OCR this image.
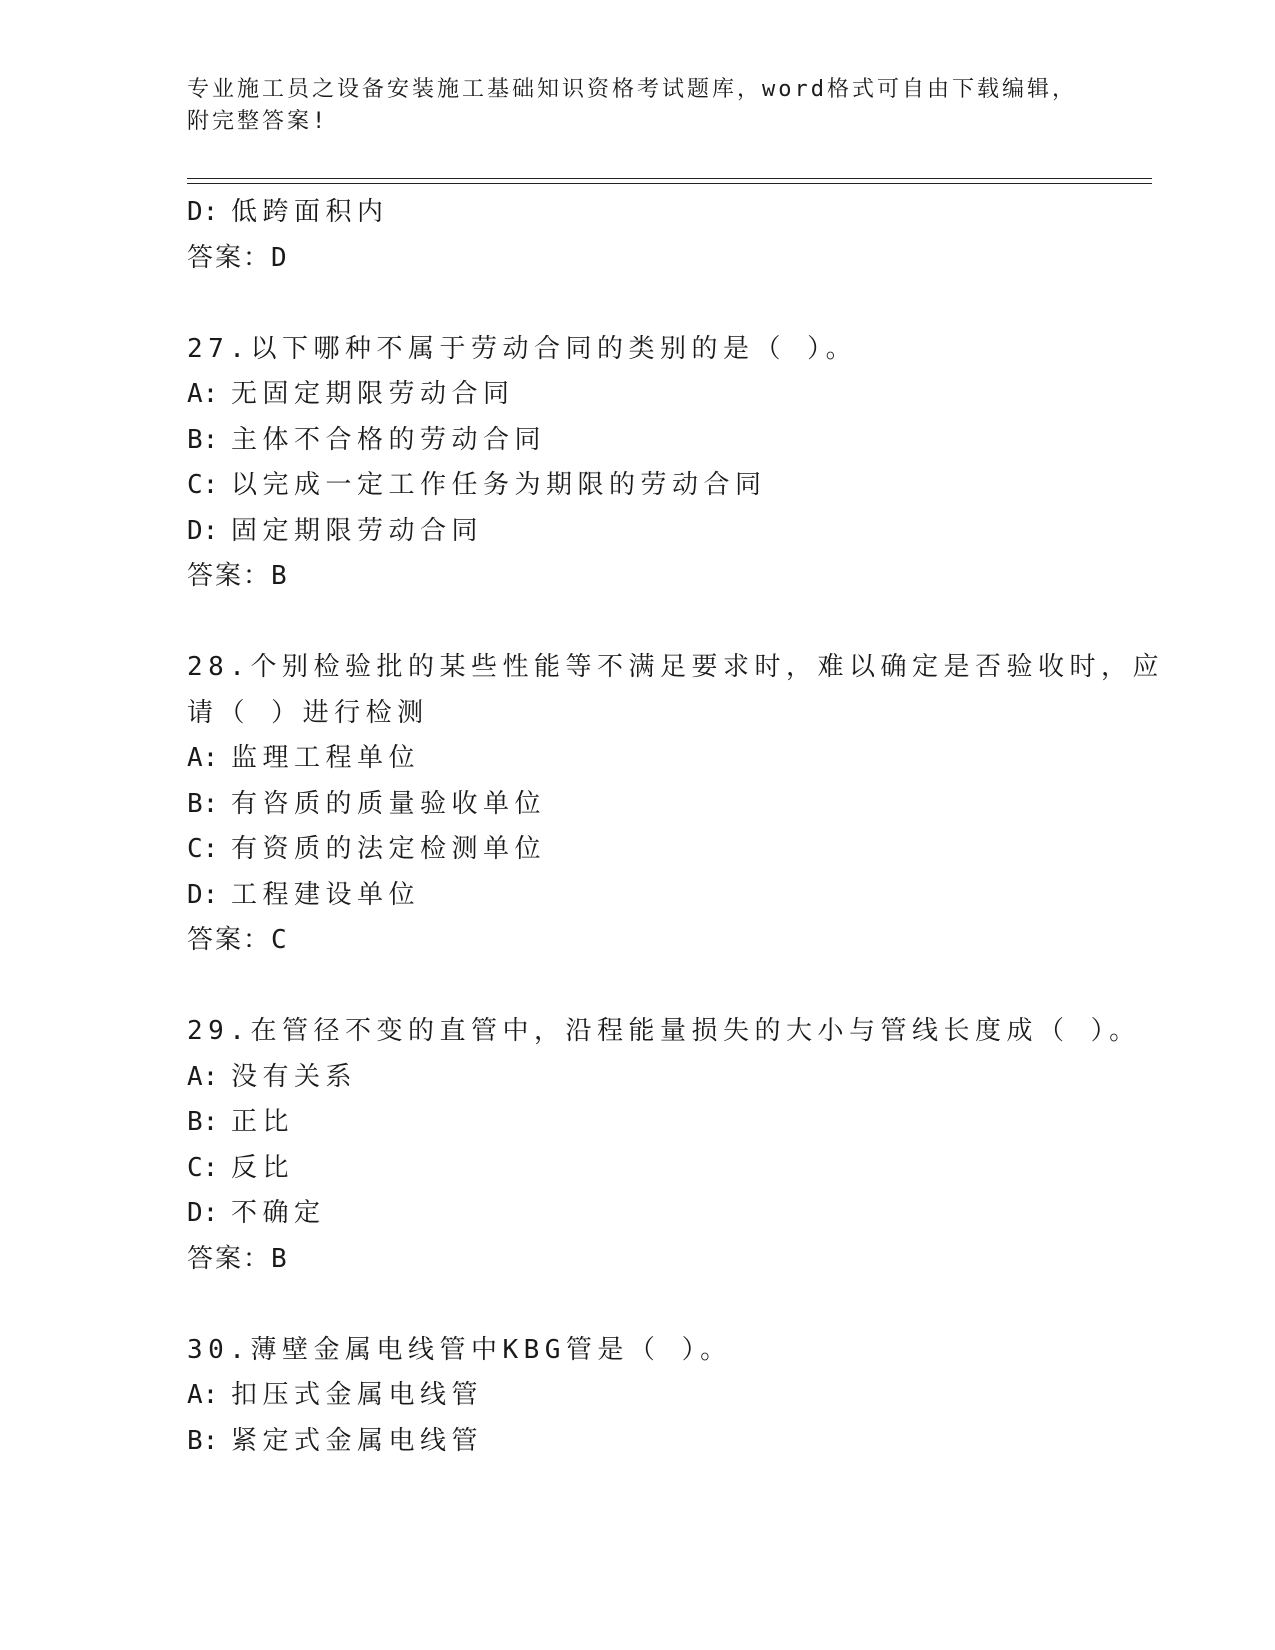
专业施工员之设备安装施工基础知识资格考试题库，word格式可自由下载编辑，
附完整答案!
D: 低跨面积内
答案：D
27.以下哪种不属于劳动合同的类别的是（ ）。
A: 无固定期限劳动合同
B: 主体不合格的劳动合同
C: 以完成一定工作任务为期限的劳动合同
D: 固定期限劳动合同
答案：B
28.个别检验批的某些性能等不满足要求时，难以确定是否验收时，应
请（ ）进行检测
A: 监理工程单位
B: 有咨质的质量验收单位
C: 有资质的法定检测单位
D: 工程建设单位
答案：C
29.在管径不变的直管中，沿程能量损失的大小与管线长度成（ ）。
A: 没有关系
B: 正比
C: 反比
D: 不确定
答案：B
30.薄壁金属电线管中KBG管是（ ）。
A: 扣压式金属电线管
B: 紧定式金属电线管
